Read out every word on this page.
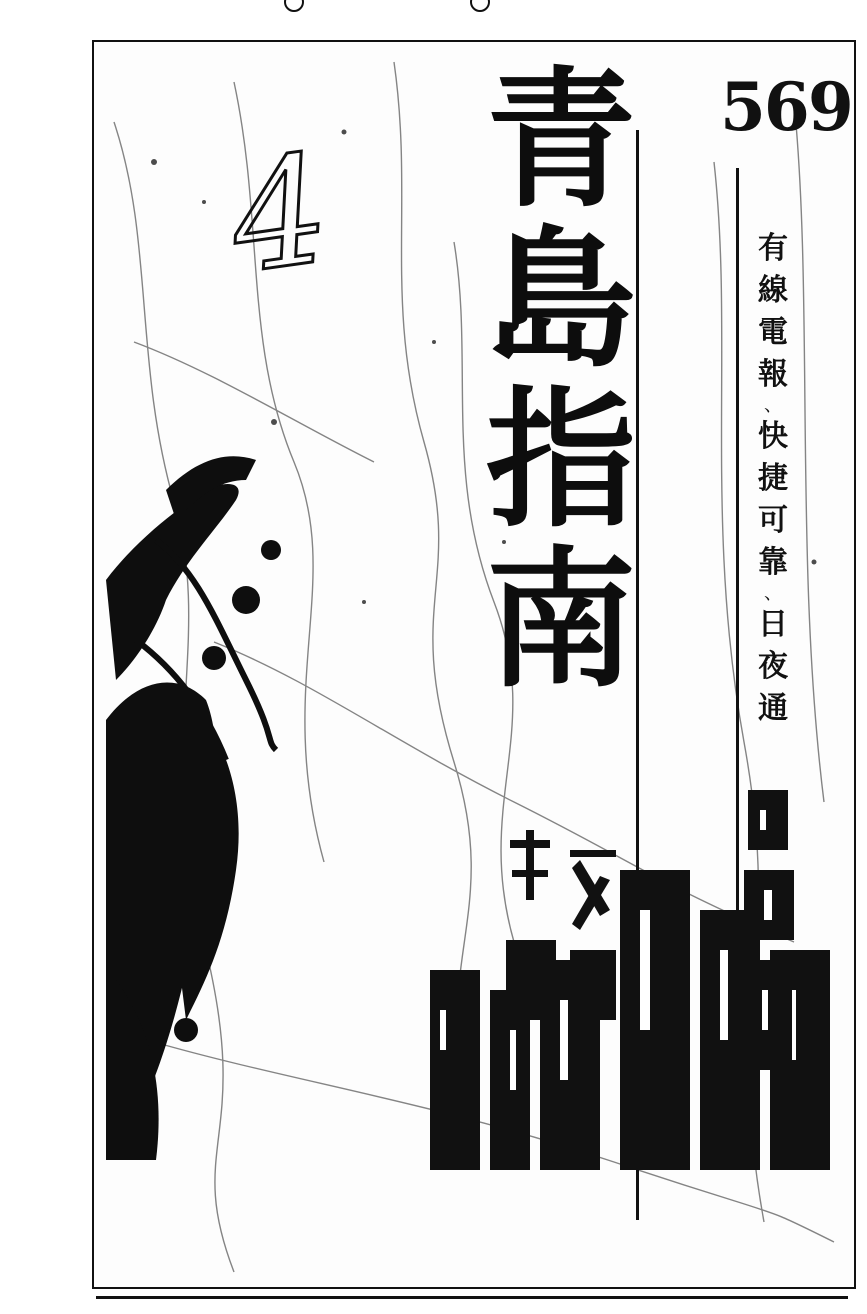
4
569
青
島
指
南
有
線
電
報
、
快
捷
可
靠
、
日
夜
通
